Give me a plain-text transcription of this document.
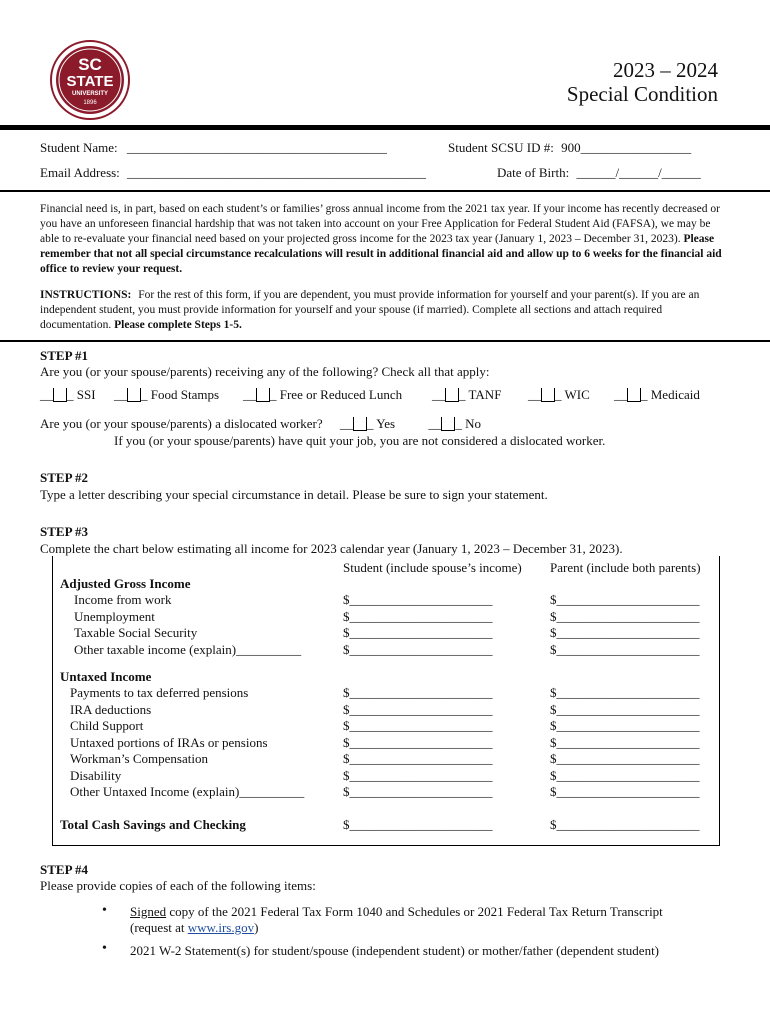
SC
STATE
UNIVERSITY
1896
2023 – 2024
Special Condition
Student Name: ________________________________________	Student SCSU ID #: 900_________________
Email Address: ______________________________________________	Date of Birth: ______/______/______
Financial need is, in part, based on each student’s or families’ gross annual income from the 2021 tax year. If your income has recently decreased or you have an unforeseen financial hardship that was not taken into account on your Free Application for Federal Student Aid (FAFSA), we may be able to re-evaluate your financial need based on your projected gross income for the 2023 tax year (January 1, 2023 – December 31, 2023). Please remember that not all special circumstance recalculations will result in additional financial aid and allow up to 6 weeks for the financial aid office to review your request.
INSTRUCTIONS: For the rest of this form, if you are dependent, you must provide information for yourself and your parent(s). If you are an independent student, you must provide information for yourself and your spouse (if married). Complete all sections and attach required documentation. Please complete Steps 1-5.
STEP #1
Are you (or your spouse/parents) receiving any of the following? Check all that apply:
__ _ SSI __ _ Food Stamps __ _ Free or Reduced Lunch __ _ TANF __ _ WIC __ _ Medicaid
Are you (or your spouse/parents) a dislocated worker? __ _ Yes	__ _ No
If you (or your spouse/parents) have quit your job, you are not considered a dislocated worker.
STEP #2
Type a letter describing your special circumstance in detail. Please be sure to sign your statement.
STEP #3
Complete the chart below estimating all income for 2023 calendar year (January 1, 2023 – December 31, 2023).
Student (include spouse’s income) Parent (include both parents)
Adjusted Gross Income
Income from work	$______________________	$______________________
Unemployment	$______________________	$______________________
Taxable Social Security	$______________________	$______________________
Other taxable income (explain)__________	$______________________	$______________________
Untaxed Income
Payments to tax deferred pensions	$______________________	$______________________
IRA deductions	$______________________	$______________________
Child Support	$______________________	$______________________
Untaxed portions of IRAs or pensions	$______________________	$______________________
Workman’s Compensation	$______________________	$______________________
Disability	$______________________	$______________________
Other Untaxed Income (explain)__________	$______________________	$______________________
Total Cash Savings and Checking	$______________________	$______________________
STEP #4
Please provide copies of each of the following items:
• Signed copy of the 2021 Federal Tax Form 1040 and Schedules or 2021 Federal Tax Return Transcript
(request at www.irs.gov)
• 2021 W-2 Statement(s) for student/spouse (independent student) or mother/father (dependent student)
